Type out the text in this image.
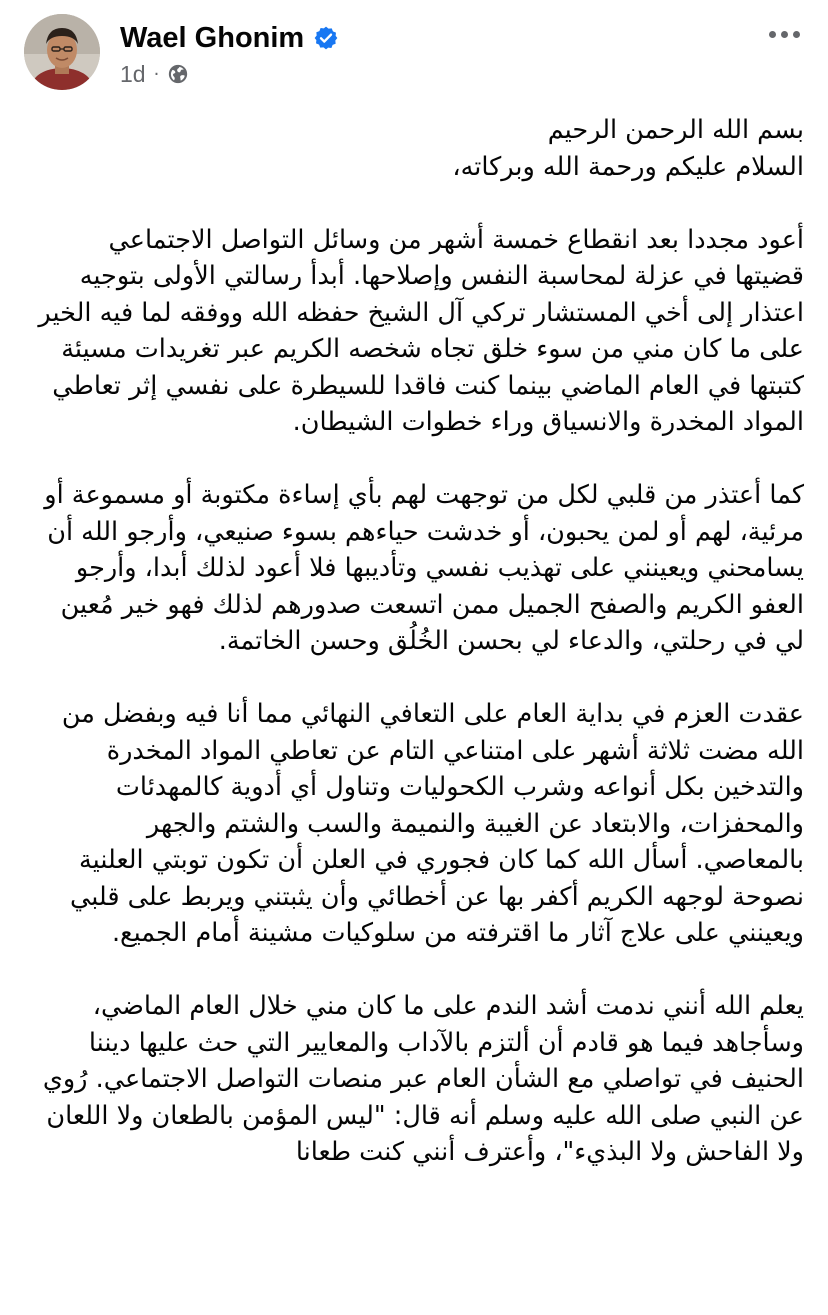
Wael Ghonim
1d ·

بسم الله الرحمن الرحيم
السلام عليكم ورحمة الله وبركاته،

أعود مجددا بعد انقطاع خمسة أشهر من وسائل التواصل الاجتماعي قضيتها في عزلة لمحاسبة النفس وإصلاحها. أبدأ رسالتي الأولى بتوجيه اعتذار إلى أخي المستشار تركي آل الشيخ حفظه الله ووفقه لما فيه الخير على ما كان مني من سوء خلق تجاه شخصه الكريم عبر تغريدات مسيئة كتبتها في العام الماضي بينما كنت فاقدا للسيطرة على نفسي إثر تعاطي المواد المخدرة والانسياق وراء خطوات الشيطان.

كما أعتذر من قلبي لكل من توجهت لهم بأي إساءة مكتوبة أو مسموعة أو مرئية، لهم أو لمن يحبون، أو خدشت حياءهم بسوء صنيعي، وأرجو الله أن يسامحني ويعينني على تهذيب نفسي وتأديبها فلا أعود لذلك أبدا، وأرجو العفو الكريم والصفح الجميل ممن اتسعت صدورهم لذلك فهو خير مُعين لي في رحلتي، والدعاء لي بحسن الخُلُق وحسن الخاتمة.

عقدت العزم في بداية العام على التعافي النهائي مما أنا فيه وبفضل من الله مضت ثلاثة أشهر على امتناعي التام عن تعاطي المواد المخدرة والتدخين بكل أنواعه وشرب الكحوليات وتناول أي أدوية كالمهدئات والمحفزات، والابتعاد عن الغيبة والنميمة والسب والشتم والجهر بالمعاصي. أسأل الله كما كان فجوري في العلن أن تكون توبتي العلنية نصوحة لوجهه الكريم أكفر بها عن أخطائي وأن يثبتني ويربط على قلبي ويعينني على علاج آثار ما اقترفته من سلوكيات مشينة أمام الجميع.

يعلم الله أنني ندمت أشد الندم على ما كان مني خلال العام الماضي، وسأجاهد فيما هو قادم أن ألتزم بالآداب والمعايير التي حث عليها ديننا الحنيف في تواصلي مع الشأن العام عبر منصات التواصل الاجتماعي. رُوي عن النبي صلى الله عليه وسلم أنه قال: "ليس المؤمن بالطعان ولا اللعان ولا الفاحش ولا البذيء"، وأعترف أنني كنت طعانا
